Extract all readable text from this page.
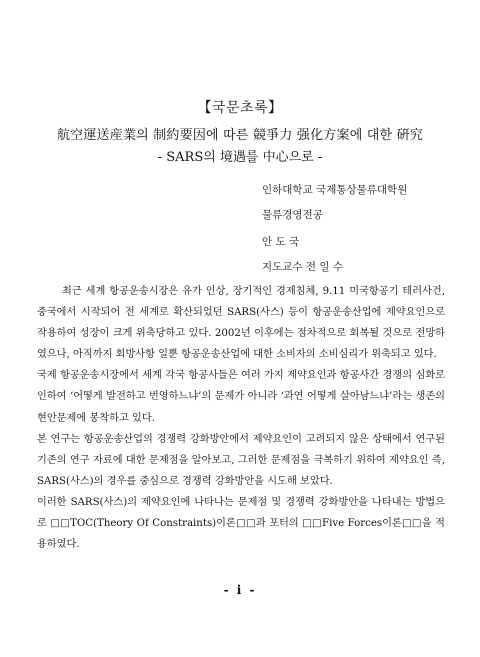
【국문초록】
航空運送産業의 制約要因에 따른 競爭力 强化方案에 대한 硏究
- SARS의 境遇를 中心으로 -
인하대학교 국제통상물류대학원
물류경영전공
안 도 국
지도교수 전 일 수

최근 세계 항공운송시장은 유가 인상, 장기적인 경제침체, 9.11 미국항공기 테러사건, 중국에서 시작되어 전 세계로 확산되었던 SARS(사스) 등이 항공운송산업에 제약요인으로 작용하여 성장이 크게 위축당하고 있다. 2002년 이후에는 점차적으로 회복될 것으로 전망하였으나, 아직까지 회방사항 일뿐 항공운송산업에 대한 소비자의 소비심리가 위축되고 있다.

국제 항공운송시장에서 세계 각국 항공사들은 여러 가지 제약요인과 항공사간 경쟁의 심화로 인하여 ‘어떻게 발전하고 번영하느냐’의 문제가 아니라 ‘과연 어떻게 살아남느냐’라는 생존의 현안문제에 봉착하고 있다.

본 연구는 항공운송산업의 경쟁력 강화방안에서 제약요인이 고려되지 않은 상태에서 연구된 기존의 연구 자료에 대한 문제점을 알아보고, 그러한 문제점을 극복하기 위하여 제약요인 즉, SARS(사스)의 경우를 중심으로 경쟁력 강화방안을 시도해 보았다.

이러한 SARS(사스)의 제약요인에 나타나는 문제점 및 경쟁력 강화방안을 나타내는 방법으로 □□TOC(Theory Of Constraints)이론□□과 포터의 □□Five Forces이론□□을 적용하였다.

- i -
